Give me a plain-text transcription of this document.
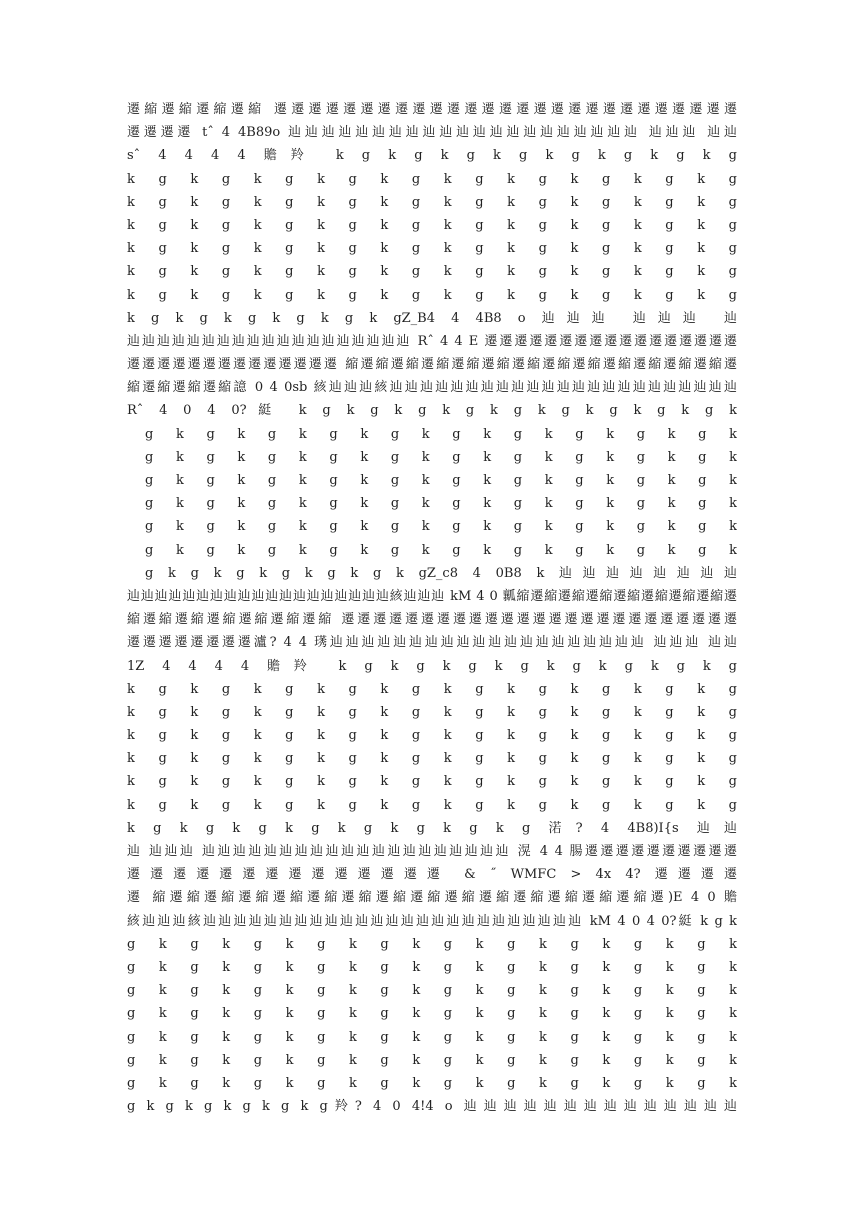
遷縮遷縮遷縮遷縮 遷遷遷遷遷遷遷遷遷遷遷遷遷遷遷遷遷遷遷遷遷遷遷遷遷遷遷
遷遷遷遷 tˆ 4 4B89o 辿辿辿辿辿辿辿辿辿辿辿辿辿辿辿辿辿辿辿辿辿 辿辿辿 辿辿
sˆ 4 4 4 4 贍羚 k g k g k g k g k g k g k g k g
k g k g k g k g k g k g k g k g k g k g
k g k g k g k g k g k g k g k g k g k g
k g k g k g k g k g k g k g k g k g k g
k g k g k g k g k g k g k g k g k g k g
k g k g k g k g k g k g k g k g k g k g
k g k g k g k g k g k g k g k g k g k g
k g k g k g k g k g k gZ_B4 4 4B8 o 辿辿辿 辿辿辿 辿
辿辿辿辿辿辿辿辿辿辿辿辿辿辿辿辿辿辿辿 Rˆ 4 4 E 遷遷遷遷遷遷遷遷遷遷遷遷遷遷遷遷遷
遷遷遷遷遷遷遷遷遷遷遷遷遷遷 縮遷縮遷縮遷縮遷縮遷縮遷縮遷縮遷縮遷縮遷縮遷縮遷縮遷
縮遷縮遷縮遷縮譩 0 4 0sb 絯辿辿辿絯辿辿辿辿辿辿辿辿辿辿辿辿辿辿辿辿辿辿辿辿辿辿辿
Rˆ 4 0 4 0?綎 k g k g k g k g k g k g k g k g k g k
g k g k g k g k g k g k g k g k g k g k
g k g k g k g k g k g k g k g k g k g k
g k g k g k g k g k g k g k g k g k g k
g k g k g k g k g k g k g k g k g k g k
g k g k g k g k g k g k g k g k g k g k
g k g k g k g k g k g k g k g k g k g k
g k g k g k g k g k g k gZ_c8 4 0B8 k 辿辿辿辿辿辿辿辿
辿辿辿辿辿辿辿辿辿辿辿辿辿辿辿辿辿辿辿絯辿辿辿 kM 4 0 瓤縮遷縮遷縮遷縮遷縮遷縮遷縮遷縮遷
縮遷縮遷縮遷縮遷縮遷縮遷縮 遷遷遷遷遷遷遷遷遷遷遷遷遷遷遷遷遷遷遷遷遷遷遷遷遷
遷遷遷遷遷遷遷遷瀘? 4 4 璓辿辿辿辿辿辿辿辿辿辿辿辿辿辿辿辿辿辿辿辿 辿辿辿 辿辿
1Z 4 4 4 4 贍羚 k g k g k g k g k g k g k g k g
k g k g k g k g k g k g k g k g k g k g
k g k g k g k g k g k g k g k g k g k g
k g k g k g k g k g k g k g k g k g k g
k g k g k g k g k g k g k g k g k g k g
k g k g k g k g k g k g k g k g k g k g
k g k g k g k g k g k g k g k g k g k g
k g k g k g k g k g k g k g k g 渃? 4 4B8)I{s 辿辿
辿 辿辿辿 辿辿辿辿辿辿辿辿辿辿辿辿辿辿辿辿辿辿辿辿 滉 4 4 腸遷遷遷遷遷遷遷遷遷遷
遷遷遷遷遷遷遷遷遷遷遷遷遷遷 & ˝ WMFC > 4x 4? 遷遷遷遷
遷 縮遷縮遷縮遷縮遷縮遷縮遷縮遷縮遷縮遷縮遷縮遷縮遷縮遷縮遷縮遷)E 4 0 贍
絯辿辿辿絯辿辿辿辿辿辿辿辿辿辿辿辿辿辿辿辿辿辿辿辿辿辿辿辿辿 kM 4 0 4 0?綎 k g k
g k g k g k g k g k g k g k g k g k g k
g k g k g k g k g k g k g k g k g k g k
g k g k g k g k g k g k g k g k g k g k
g k g k g k g k g k g k g k g k g k g k
g k g k g k g k g k g k g k g k g k g k
g k g k g k g k g k g k g k g k g k g k
g k g k g k g k g k g k g k g k g k g k
g k g k g k g k g k g羚? 4 0 4!4 o 辿辿辿辿辿辿辿辿辿辿辿辿辿辿
